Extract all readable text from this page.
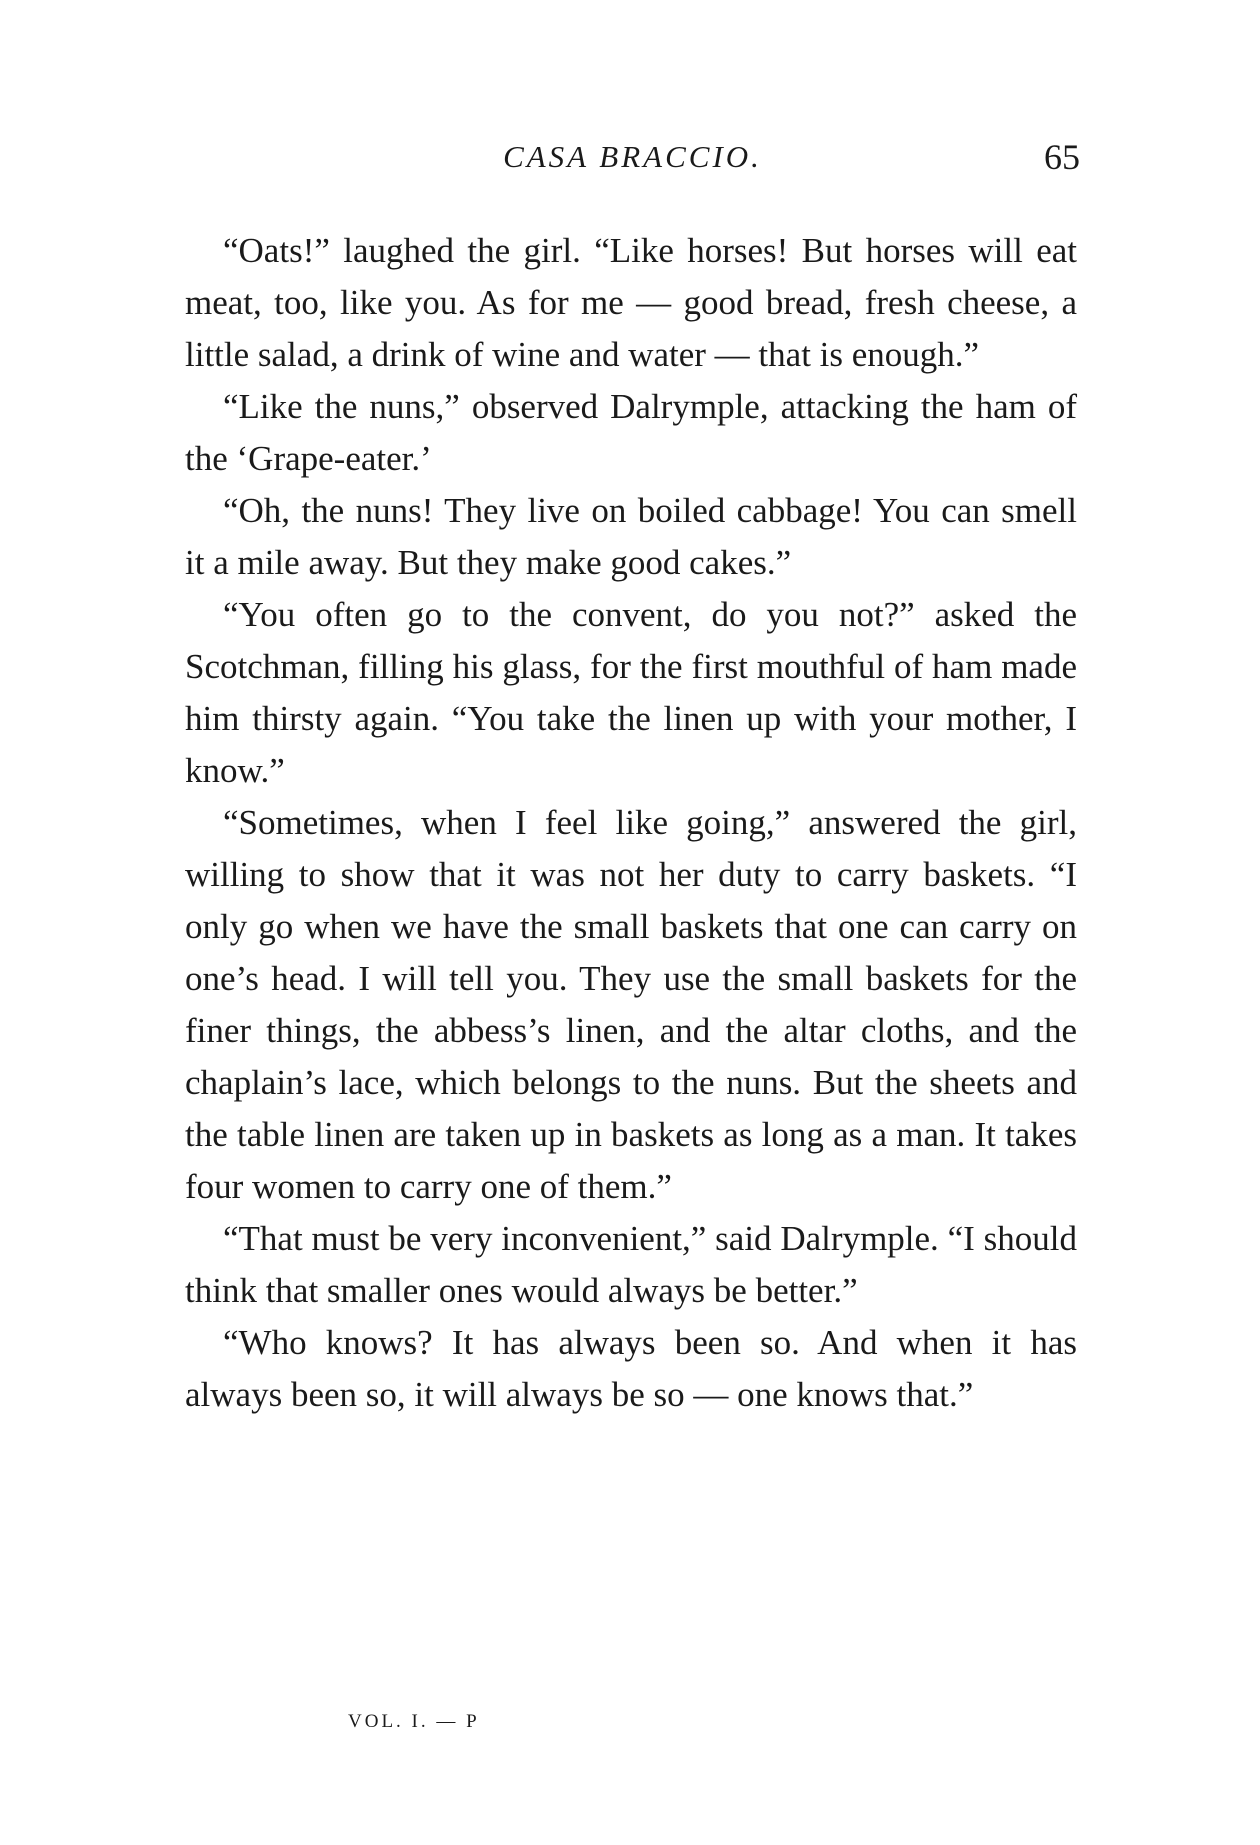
CASA BRACCIO.	65

“Oats!” laughed the girl. “Like horses! But horses will eat meat, too, like you. As for me — good bread, fresh cheese, a little salad, a drink of wine and water — that is enough.”

“Like the nuns,” observed Dalrymple, attacking the ham of the ‘Grape-eater.’

“Oh, the nuns! They live on boiled cabbage! You can smell it a mile away. But they make good cakes.”

“You often go to the convent, do you not?” asked the Scotchman, filling his glass, for the first mouthful of ham made him thirsty again. “You take the linen up with your mother, I know.”

“Sometimes, when I feel like going,” answered the girl, willing to show that it was not her duty to carry baskets. “I only go when we have the small baskets that one can carry on one’s head. I will tell you. They use the small baskets for the finer things, the abbess’s linen, and the altar cloths, and the chaplain’s lace, which belongs to the nuns. But the sheets and the table linen are taken up in baskets as long as a man. It takes four women to carry one of them.”

“That must be very inconvenient,” said Dalrymple. “I should think that smaller ones would always be better.”

“Who knows? It has always been so. And when it has always been so, it will always be so — one knows that.”

VOL. I. — P
